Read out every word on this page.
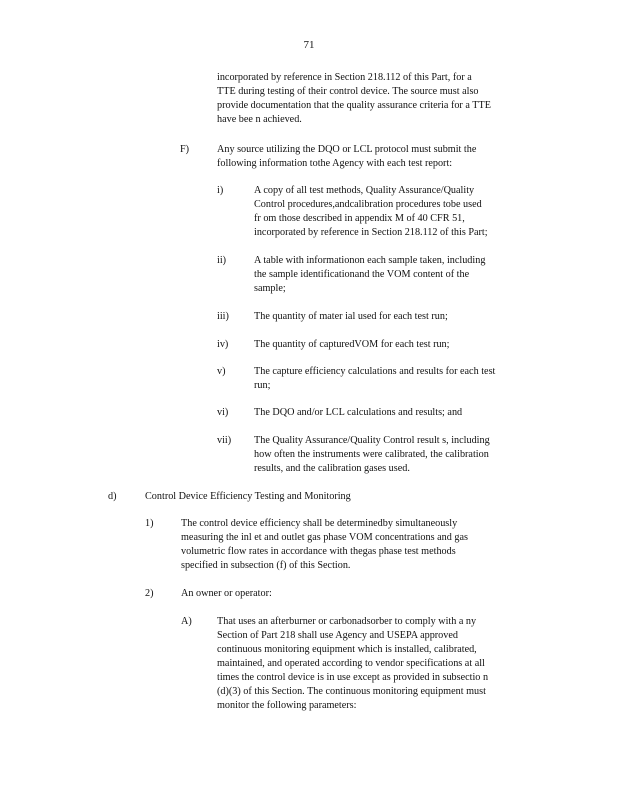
71
incorporated by reference in Section 218.112 of this Part, for a
TTE during testing of their control device. The source must also
provide documentation that the quality assurance criteria for a TTE
have bee n achieved.
F)	Any source utilizing the DQO or LCL protocol must submit the
following information tothe Agency with each test report:
i)	A copy of all test methods, Quality Assurance/Quality
Control procedures,andcalibration procedures tobe used
fr om those described in appendix M of 40 CFR 51,
incorporated by reference in Section 218.112 of this Part;
ii)	A table with informationon each sample taken, including
the sample identificationand the VOM content of the
sample;
iii) The quantity of mater ial used for each test run;
iv)	The quantity of capturedVOM for each test run;
v)	The capture efficiency calculations and results for each test
run;
vi)	The DQO and/or LCL calculations and results; and
vii) The Quality Assurance/Quality Control result s, including
how often the instruments were calibrated, the calibration
results, and the calibration gases used.
d)	Control Device Efficiency Testing and Monitoring
1)	The control device efficiency shall be determinedby simultaneously
measuring the inl et and outlet gas phase VOM concentrations and gas
volumetric flow rates in accordance with thegas phase test methods
specified in subsection (f) of this Section.
2)	An owner or operator:
A) That uses an afterburner or carbonadsorber to comply with a ny
Section of Part 218 shall use Agency and USEPA approved
continuous monitoring equipment which is installed, calibrated,
maintained, and operated according to vendor specifications at all
times the control device is in use except as provided in subsectio n
(d)(3) of this Section. The continuous monitoring equipment must
monitor the following parameters:
